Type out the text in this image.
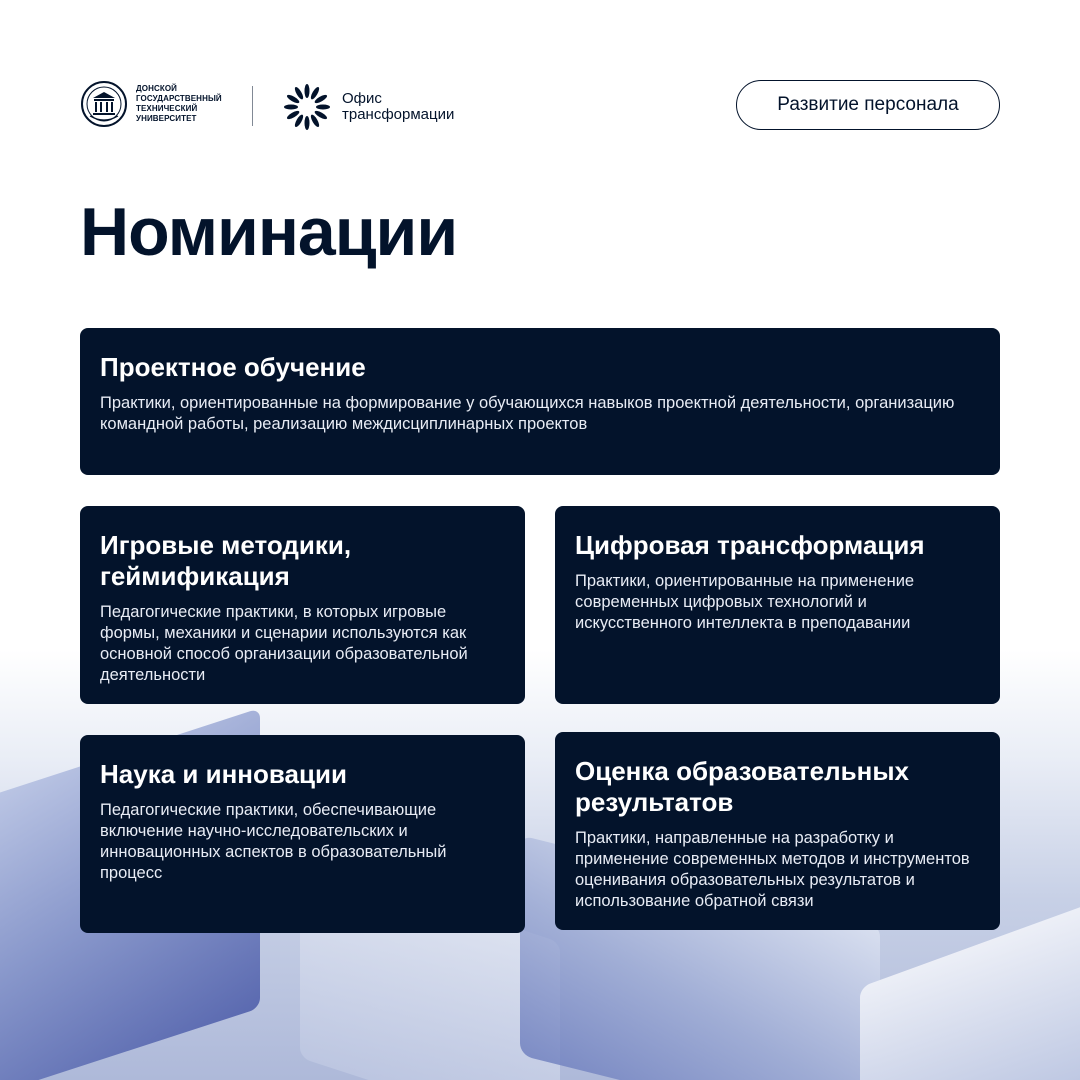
ДОНСКОЙ
ГОСУДАРСТВЕННЫЙ
ТЕХНИЧЕСКИЙ
УНИВЕРСИТЕТ
Офис
трансформации	Развитие персонала
Номинации
Проектное обучение

Практики, ориентированные на формирование у обучающихся навыков проектной деятельности, организацию командной работы, реализацию междисциплинарных проектов

Игровые методики, геймификация

Педагогические практики, в которых игровые формы, механики и сценарии используются как основной способ организации образовательной деятельности

Цифровая трансформация

Практики, ориентированные на применение современных цифровых технологий и искусственного интеллекта в преподавании

Наука и инновации

Педагогические практики, обеспечивающие включение научно-исследовательских и инновационных аспектов в образовательный процесс

Оценка образовательных результатов

Практики, направленные на разработку и применение современных методов и инструментов оценивания образовательных результатов и использование обратной связи
